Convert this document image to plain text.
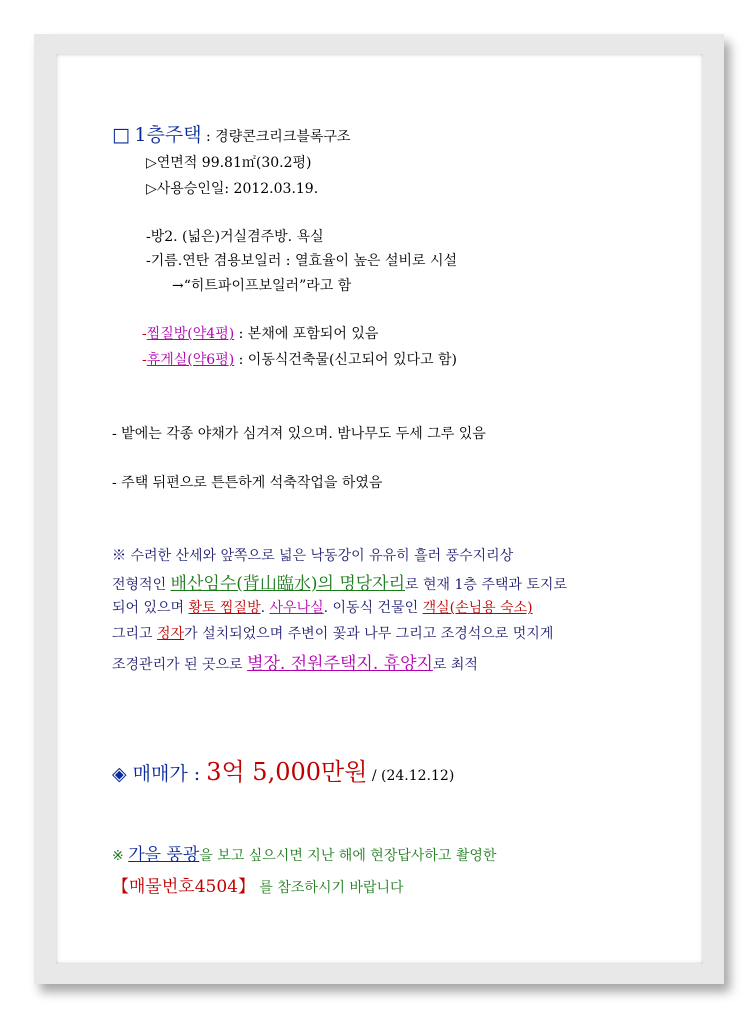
□ 1층주택 : 경량콘크리크블록구조
▷연면적 99.81㎡(30.2평)
▷사용승인일: 2012.03.19.
-방2. (넓은)거실겸주방. 욕실
-기름.연탄 겸용보일러 : 열효율이 높은 설비로 시설
→“히트파이프보일러”라고 함
-찜질방(약4평) : 본채에 포함되어 있음
-휴게실(약6평) : 이동식건축물(신고되어 있다고 함)
- 밭에는 각종 야채가 심겨져 있으며. 밤나무도 두세 그루 있음
- 주택 뒤편으로 튼튼하게 석축작업을 하였음
※ 수려한 산세와 앞쪽으로 넓은 낙동강이 유유히 흘러 풍수지리상
전형적인 배산임수(背山臨水)의 명당자리로 현재 1층 주택과 토지로
되어 있으며 황토 찜질방. 사우나실. 이동식 건물인 객실(손님용 숙소)
그리고 정자가 설치되었으며 주변이 꽃과 나무 그리고 조경석으로 멋지게
조경관리가 된 곳으로 별장. 전원주택지. 휴양지로 최적
◈ 매매가 : 3억 5,000만원 / (24.12.12)
※ 가을 풍광을 보고 싶으시면 지난 해에 현장답사하고 촬영한
【매물번호4504】 를 참조하시기 바랍니다
